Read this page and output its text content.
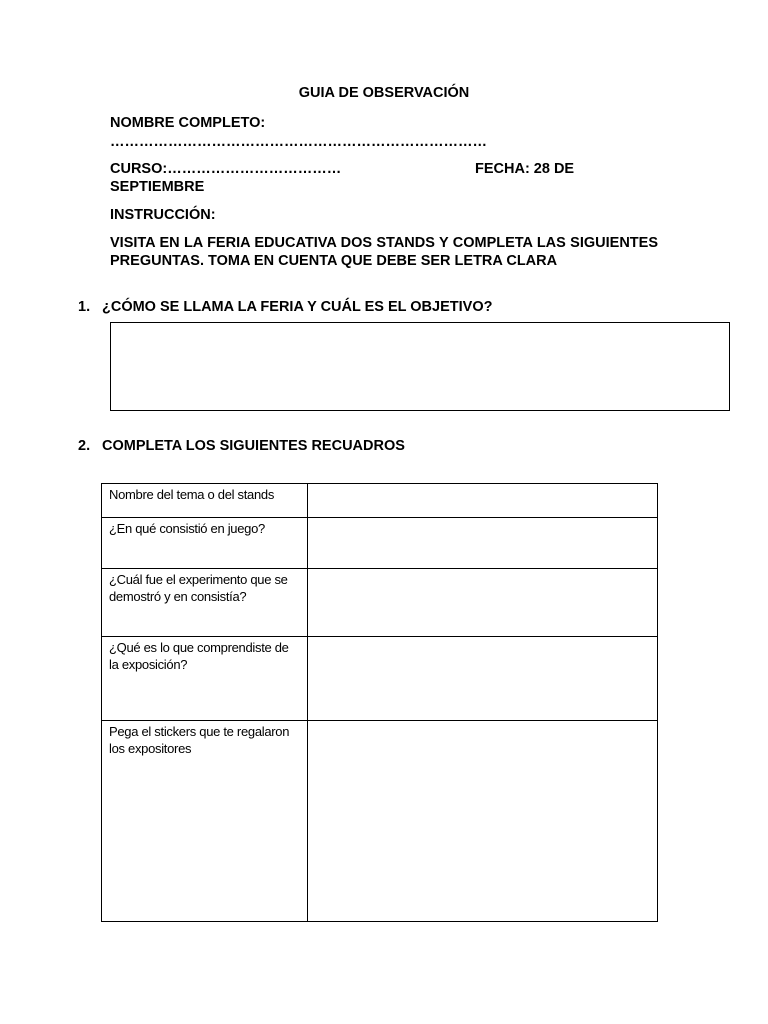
GUIA DE OBSERVACIÓN
NOMBRE COMPLETO:
……………………………………………………………………
CURSO:………………………………	FECHA: 28 DE
SEPTIEMBRE
INSTRUCCIÓN:
VISITA EN LA FERIA EDUCATIVA DOS STANDS Y COMPLETA LAS SIGUIENTES PREGUNTAS. TOMA EN CUENTA QUE DEBE SER LETRA CLARA
1. ¿CÓMO SE LLAMA LA FERIA Y CUÁL ES EL OBJETIVO?
2. COMPLETA LOS SIGUIENTES RECUADROS
Nombre del tema o del stands	
¿En qué consistió en juego?	
¿Cuál fue el experimento que se demostró y en consistía?	
¿Qué es lo que comprendiste de la exposición?	
Pega el stickers que te regalaron los expositores	
